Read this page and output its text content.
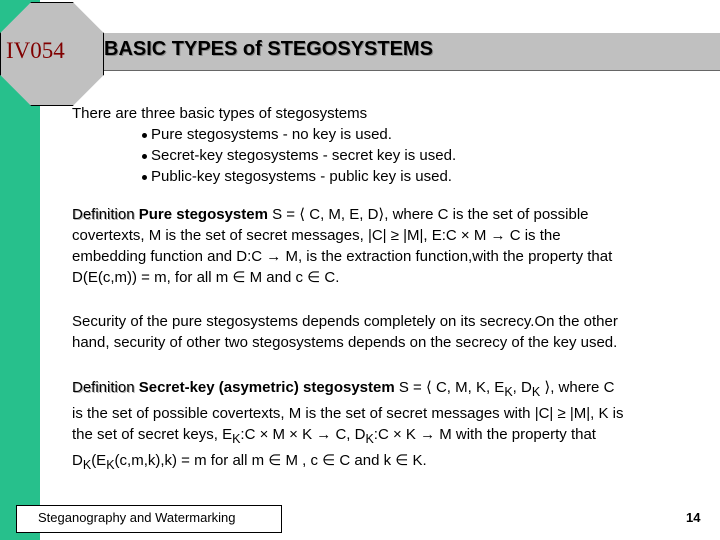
IV054 BASIC TYPES of STEGOSYSTEMS

There are three basic types of stegosystems

Pure stegosystems - no key is used.
Secret-key stegosystems - secret key is used.
Public-key stegosystems - public key is used.
Definition Pure stegosystem S = ⟨ C, M, E, D⟩, where C is the set of possible
covertexts, M is the set of secret messages, |C| ≥ |M|, E:C × M → C is the
embedding function and D:C → M, is the extraction function,with the property that
D(E(c,m)) = m, for all m ∈ M and c ∈ C.
Security of the pure stegosystems depends completely on its secrecy.On the other
hand, security of other two stegosystems depends on the secrecy of the key used.
Definition Secret-key (asymetric) stegosystem S = ⟨ C, M, K, $E_K$, $D_K$ ⟩, where C
is the set of possible covertexts, M is the set of secret messages with |C| ≥ |M|, K is
the set of secret keys, $E_K:C \times M \times K \to C$, $D_K:C \times K \to M$ with the property that
$D_K(E_K(c,m,k),k) = m$ for all m ∈ M , c ∈ C and k ∈ K.
Steganography and Watermarking	14
